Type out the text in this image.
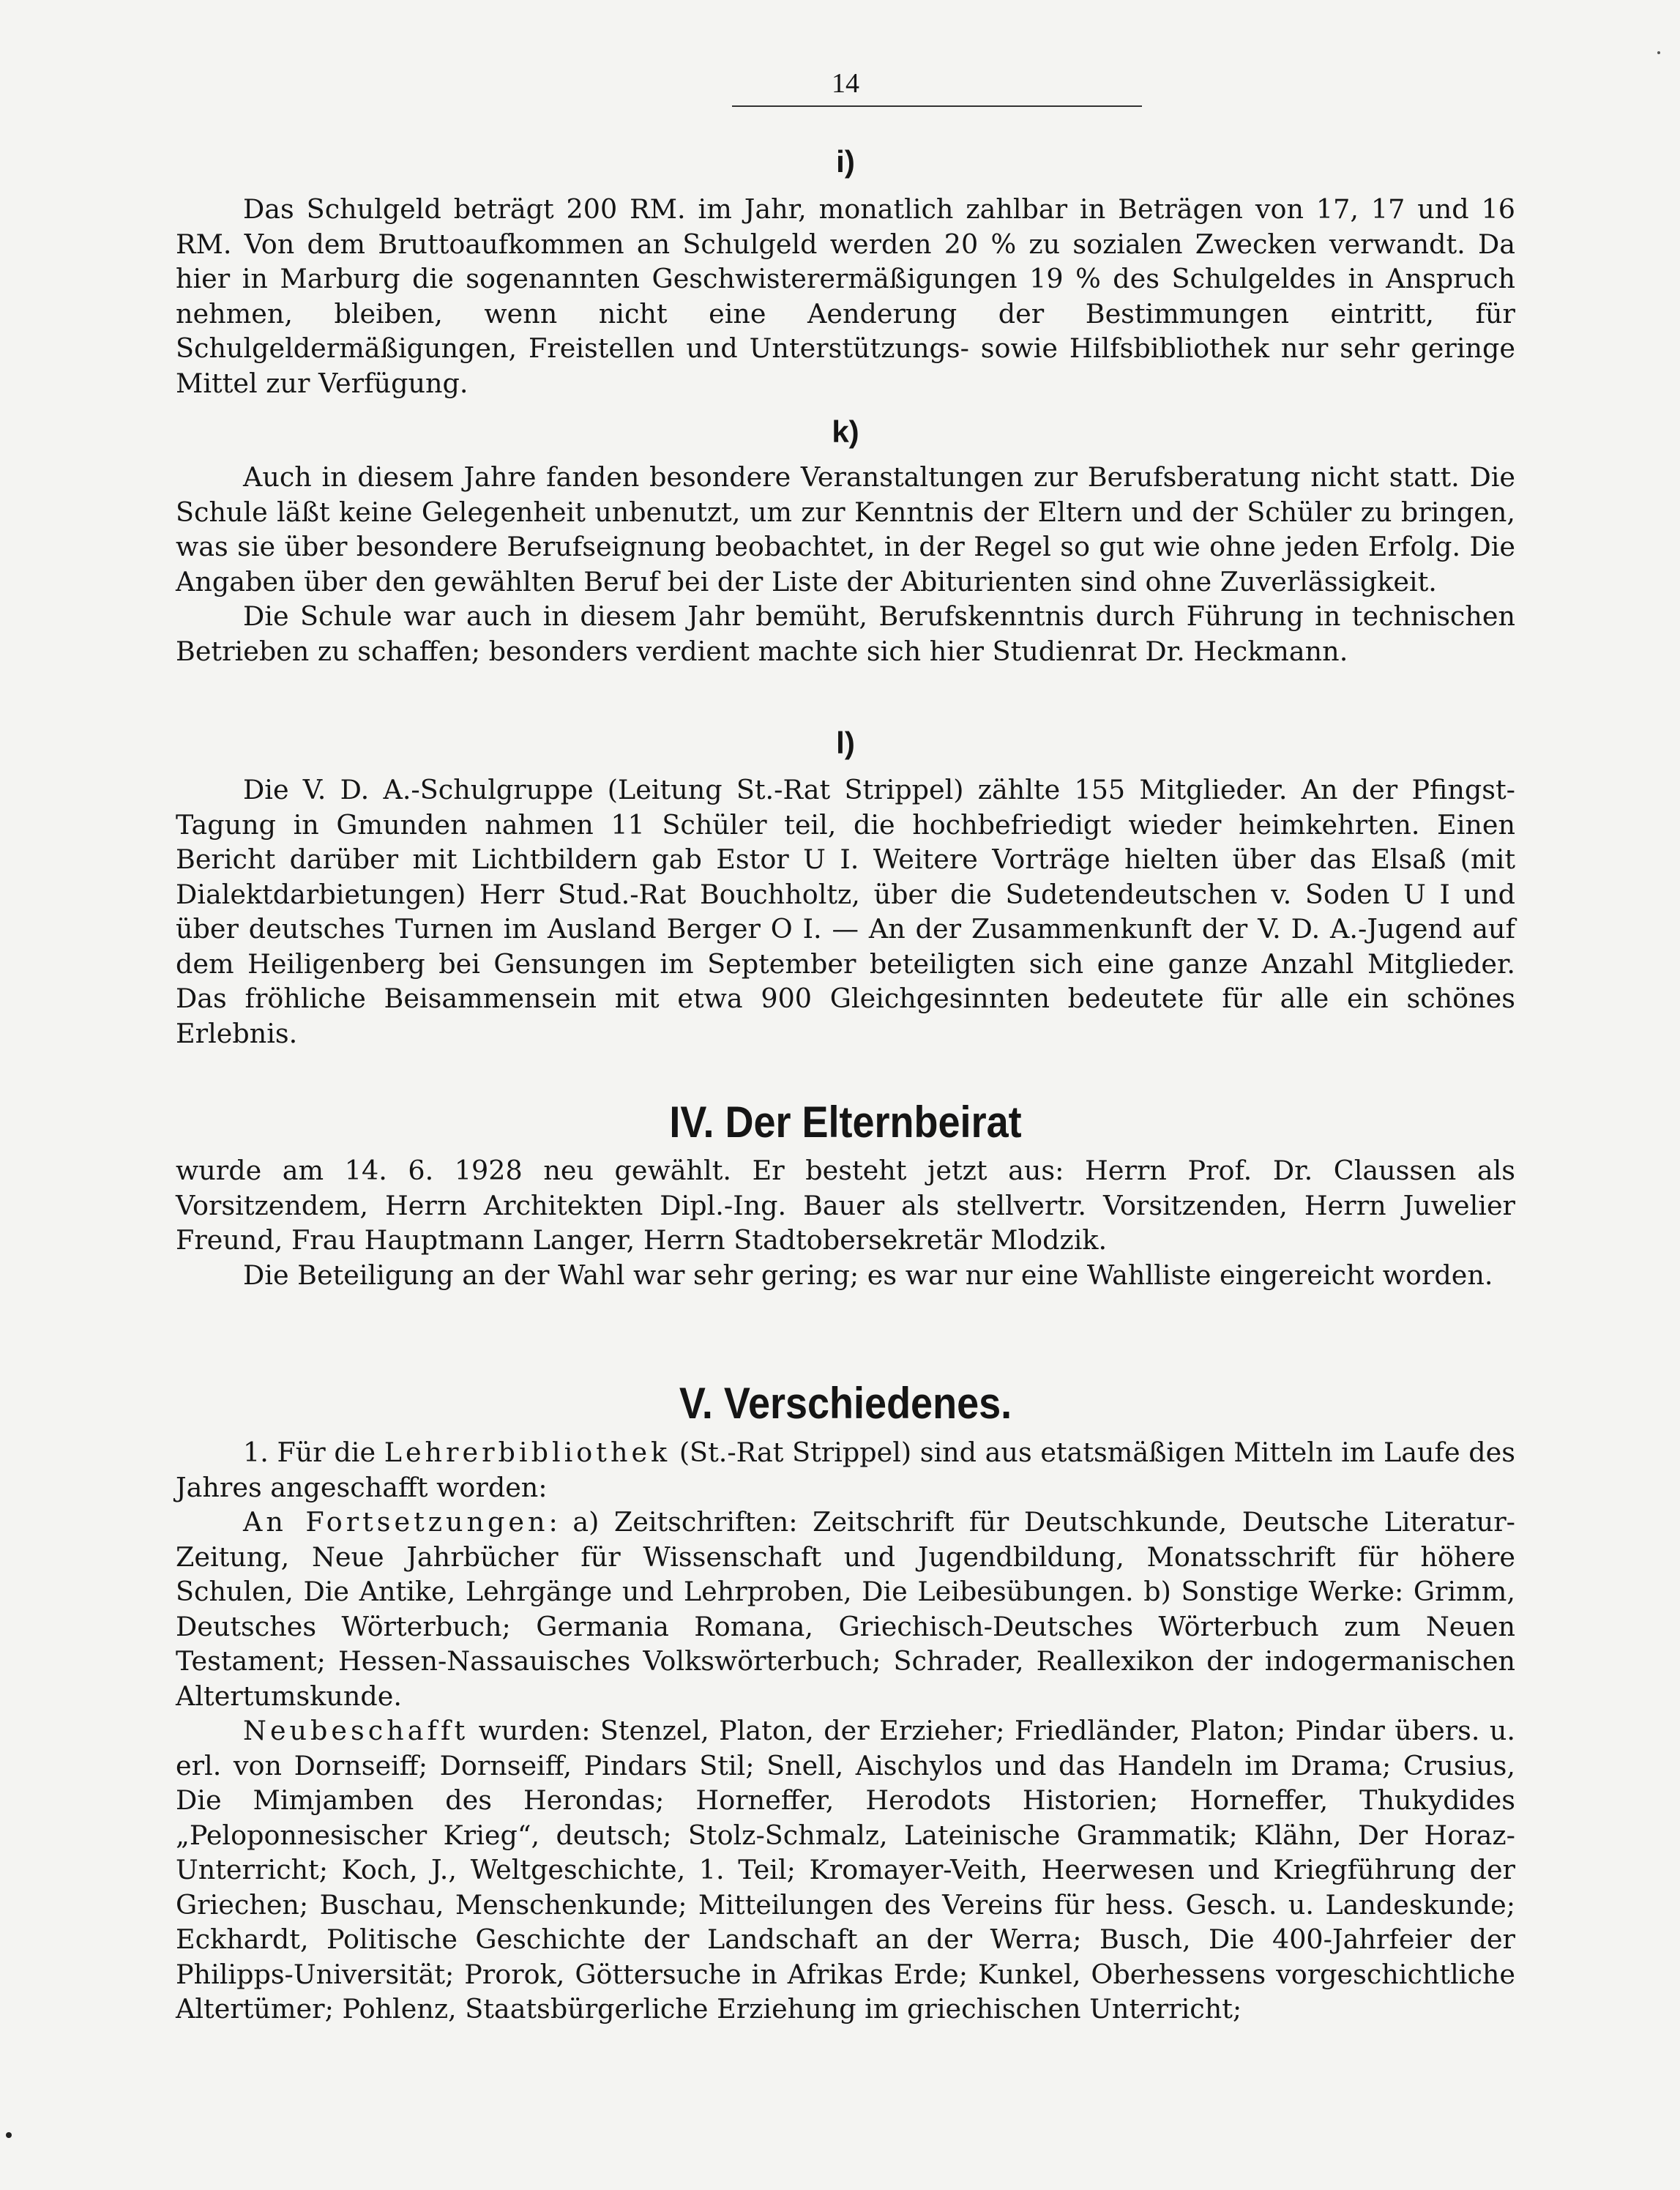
14
i)

Das Schulgeld beträgt 200 RM. im Jahr, monatlich zahlbar in Beträgen von 17, 17 und 16 RM. Von dem Bruttoaufkommen an Schulgeld werden 20 % zu sozialen Zwecken verwandt. Da hier in Marburg die sogenannten Geschwisterermäßigungen 19 % des Schulgeldes in Anspruch nehmen, bleiben, wenn nicht eine Aenderung der Bestimmungen eintritt, für Schulgeldermäßigungen, Freistellen und Unterstützungs- sowie Hilfsbibliothek nur sehr geringe Mittel zur Verfügung.

k)

Auch in diesem Jahre fanden besondere Veranstaltungen zur Berufsberatung nicht statt. Die Schule läßt keine Gelegenheit unbenutzt, um zur Kenntnis der Eltern und der Schüler zu bringen, was sie über besondere Berufseignung beobachtet, in der Regel so gut wie ohne jeden Erfolg. Die Angaben über den gewählten Beruf bei der Liste der Abiturienten sind ohne Zuverlässigkeit.

Die Schule war auch in diesem Jahr bemüht, Berufskenntnis durch Führung in technischen Betrieben zu schaffen; besonders verdient machte sich hier Studienrat Dr. Heckmann.

l)

Die V. D. A.-Schulgruppe (Leitung St.-Rat Strippel) zählte 155 Mitglieder. An der Pfingst-Tagung in Gmunden nahmen 11 Schüler teil, die hochbefriedigt wieder heimkehrten. Einen Bericht darüber mit Lichtbildern gab Estor U I. Weitere Vorträge hielten über das Elsaß (mit Dialektdarbietungen) Herr Stud.-Rat Bouchholtz, über die Sudetendeutschen v. Soden U I und über deutsches Turnen im Ausland Berger O I. — An der Zusammenkunft der V. D. A.-Jugend auf dem Heiligenberg bei Gensungen im September beteiligten sich eine ganze Anzahl Mitglieder. Das fröhliche Beisammensein mit etwa 900 Gleichgesinnten bedeutete für alle ein schönes Erlebnis.

IV. Der Elternbeirat

wurde am 14. 6. 1928 neu gewählt. Er besteht jetzt aus: Herrn Prof. Dr. Claussen als Vorsitzendem, Herrn Architekten Dipl.-Ing. Bauer als stellvertr. Vorsitzenden, Herrn Juwelier Freund, Frau Hauptmann Langer, Herrn Stadtobersekretär Mlodzik.

Die Beteiligung an der Wahl war sehr gering; es war nur eine Wahlliste eingereicht worden.

V. Verschiedenes.

1. Für die Lehrerbibliothek (St.-Rat Strippel) sind aus etatsmäßigen Mitteln im Laufe des Jahres angeschafft worden:

An Fortsetzungen: a) Zeitschriften: Zeitschrift für Deutschkunde, Deutsche Literatur-Zeitung, Neue Jahrbücher für Wissenschaft und Jugendbildung, Monatsschrift für höhere Schulen, Die Antike, Lehrgänge und Lehrproben, Die Leibesübungen. b) Sonstige Werke: Grimm, Deutsches Wörterbuch; Germania Romana, Griechisch-Deutsches Wörterbuch zum Neuen Testament; Hessen-Nassauisches Volkswörterbuch; Schrader, Reallexikon der indogermanischen Altertumskunde.

Neubeschafft wurden: Stenzel, Platon, der Erzieher; Friedländer, Platon; Pindar übers. u. erl. von Dornseiff; Dornseiff, Pindars Stil; Snell, Aischylos und das Handeln im Drama; Crusius, Die Mimjamben des Herondas; Horneffer, Herodots Historien; Horneffer, Thukydides „Peloponnesischer Krieg“, deutsch; Stolz-Schmalz, Lateinische Grammatik; Klähn, Der Horaz-Unterricht; Koch, J., Weltgeschichte, 1. Teil; Kromayer-Veith, Heerwesen und Kriegführung der Griechen; Buschau, Menschenkunde; Mitteilungen des Vereins für hess. Gesch. u. Landeskunde; Eckhardt, Politische Geschichte der Landschaft an der Werra; Busch, Die 400-Jahrfeier der Philipps-Universität; Prorok, Göttersuche in Afrikas Erde; Kunkel, Oberhessens vorgeschichtliche Altertümer; Pohlenz, Staatsbürgerliche Erziehung im griechischen Unterricht;
